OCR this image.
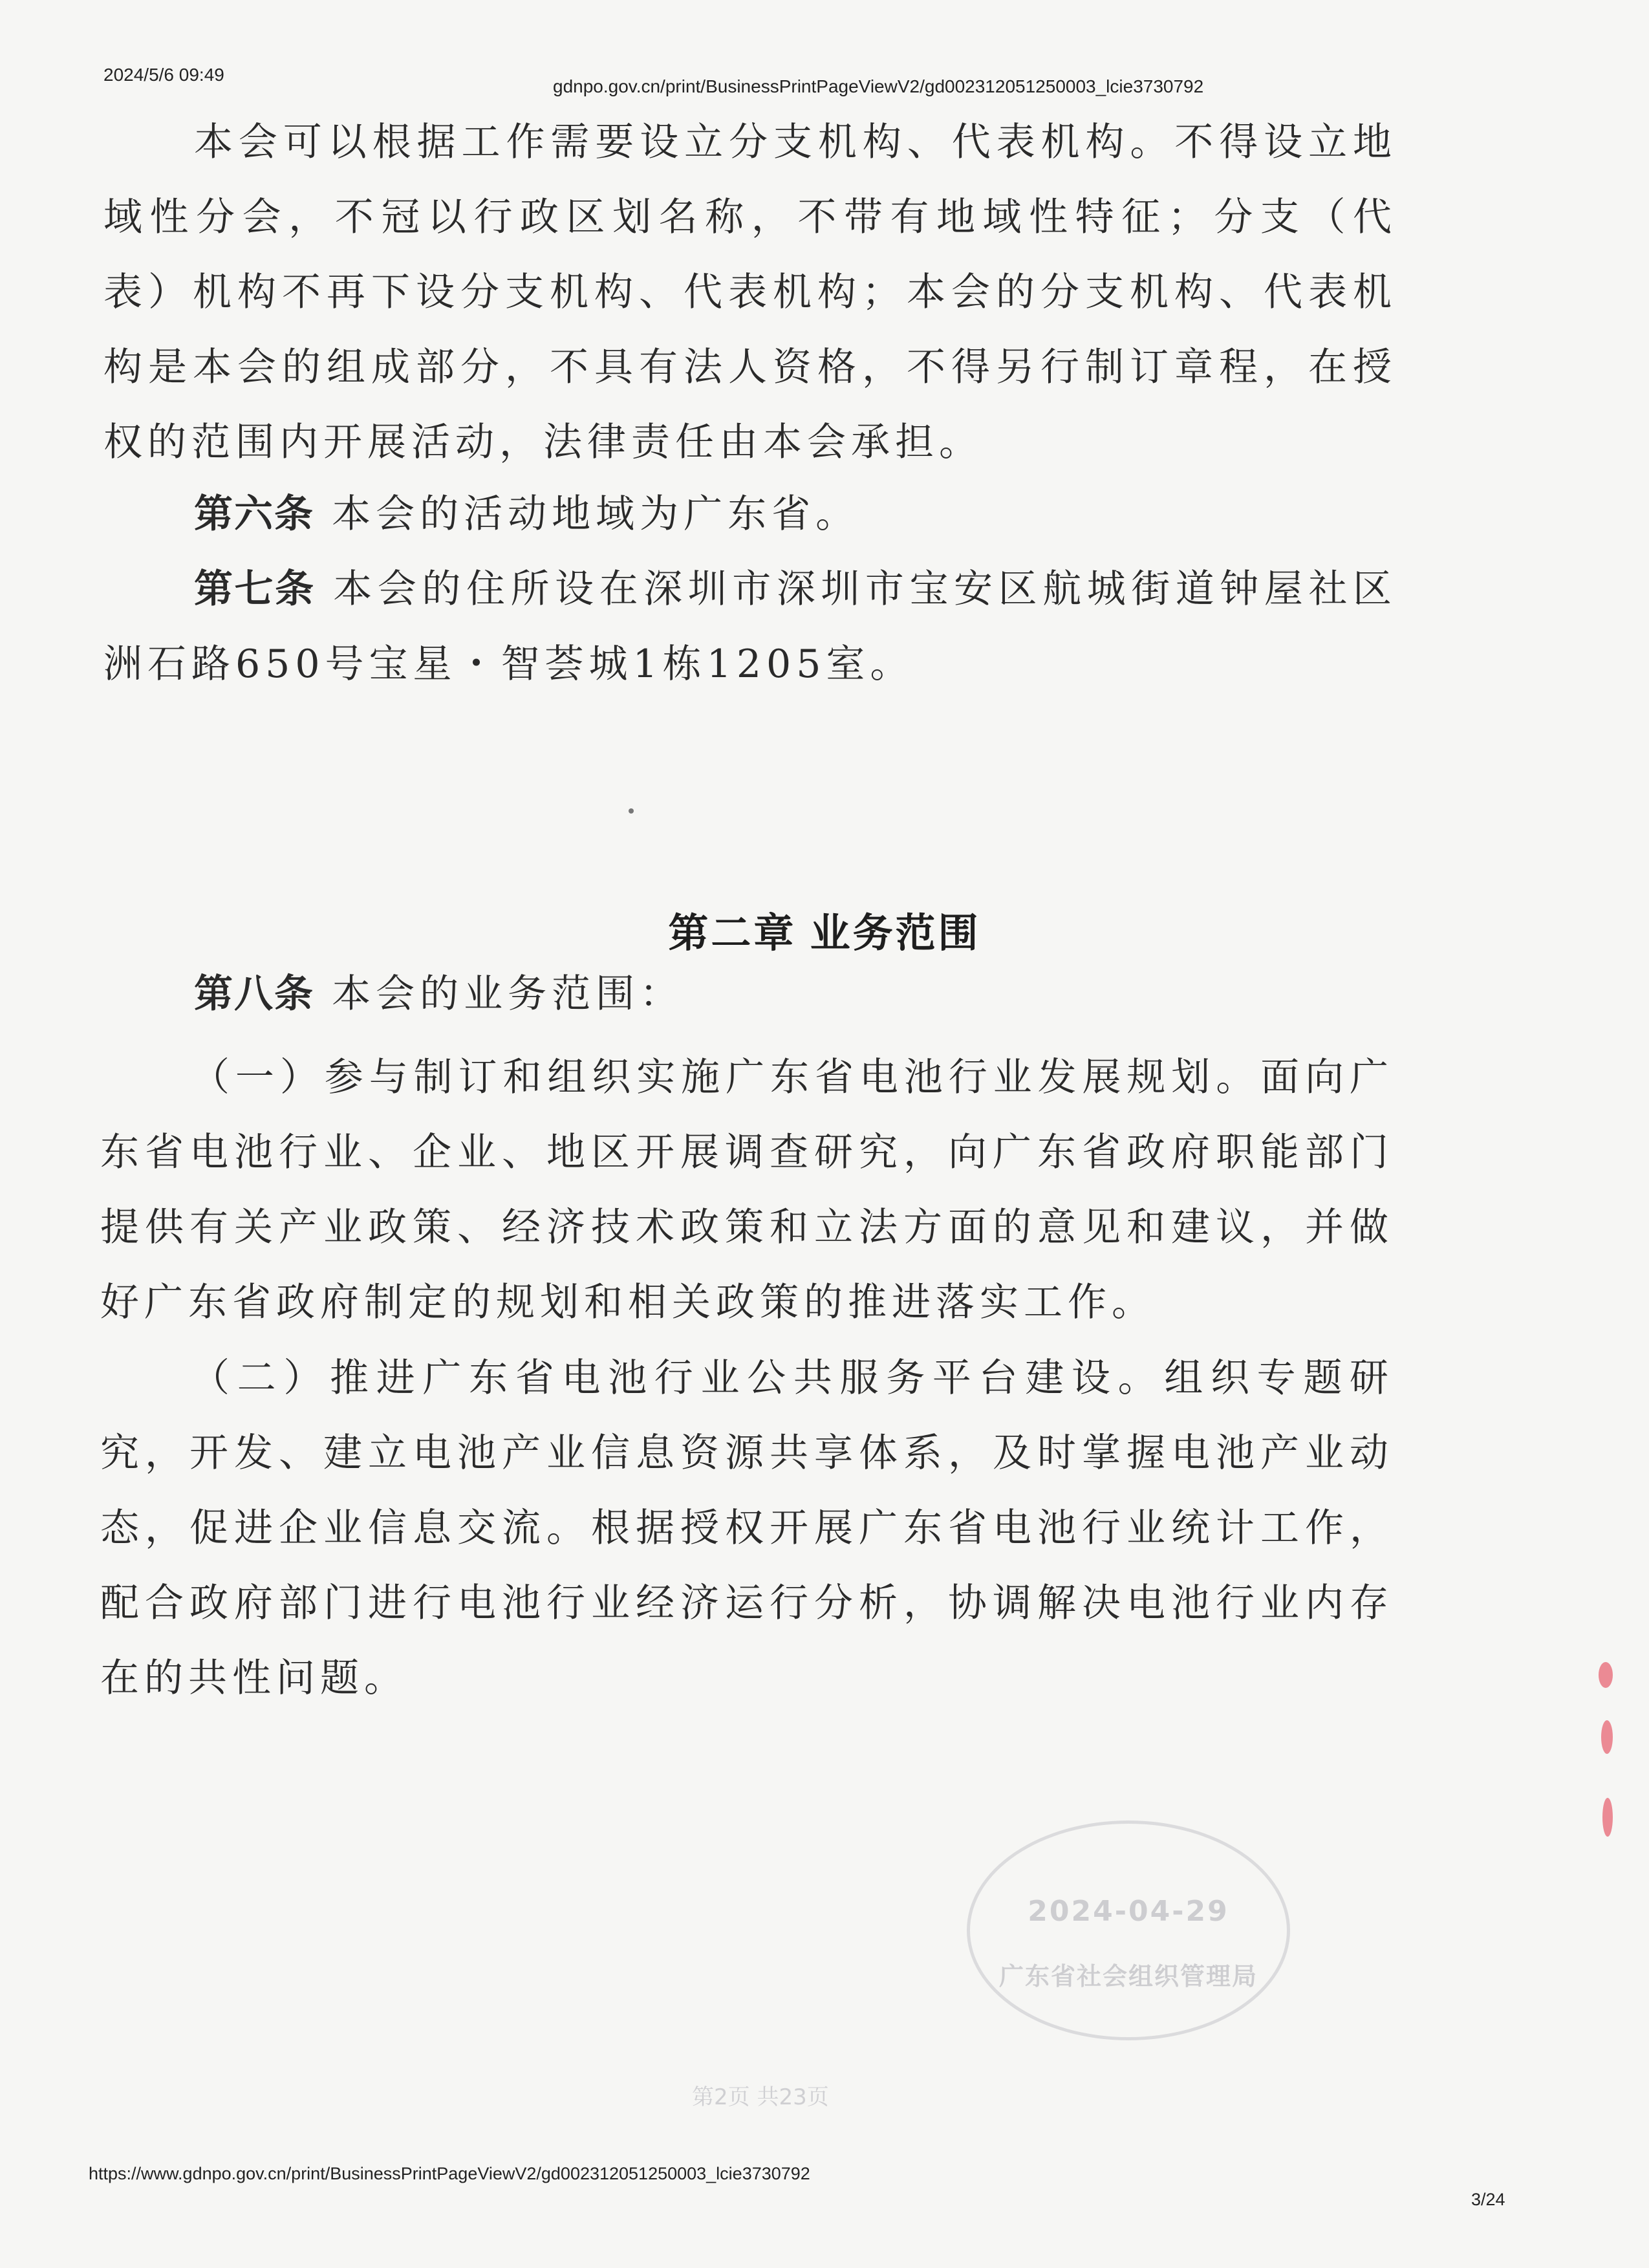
2024/5/6 09:49
gdnpo.gov.cn/print/BusinessPrintPageViewV2/gd002312051250003_lcie3730792

本会可以根据工作需要设立分支机构、代表机构。不得设立地域性分会，不冠以行政区划名称，不带有地域性特征；分支（代表）机构不再下设分支机构、代表机构；本会的分支机构、代表机构是本会的组成部分，不具有法人资格，不得另行制订章程，在授权的范围内开展活动，法律责任由本会承担。

第六条 本会的活动地域为广东省。

第七条 本会的住所设在深圳市深圳市宝安区航城街道钟屋社区洲石路650号宝星・智荟城1栋1205室。

第二章 业务范围

第八条 本会的业务范围：

（一）参与制订和组织实施广东省电池行业发展规划。面向广东省电池行业、企业、地区开展调查研究，向广东省政府职能部门提供有关产业政策、经济技术政策和立法方面的意见和建议，并做好广东省政府制定的规划和相关政策的推进落实工作。

（二）推进广东省电池行业公共服务平台建设。组织专题研究，开发、建立电池产业信息资源共享体系，及时掌握电池产业动态，促进企业信息交流。根据授权开展广东省电池行业统计工作，配合政府部门进行电池行业经济运行分析，协调解决电池行业内存在的共性问题。

2024-04-29
广东省社会组织管理局
第2页 共23页
https://www.gdnpo.gov.cn/print/BusinessPrintPageViewV2/gd002312051250003_lcie3730792
3/24
